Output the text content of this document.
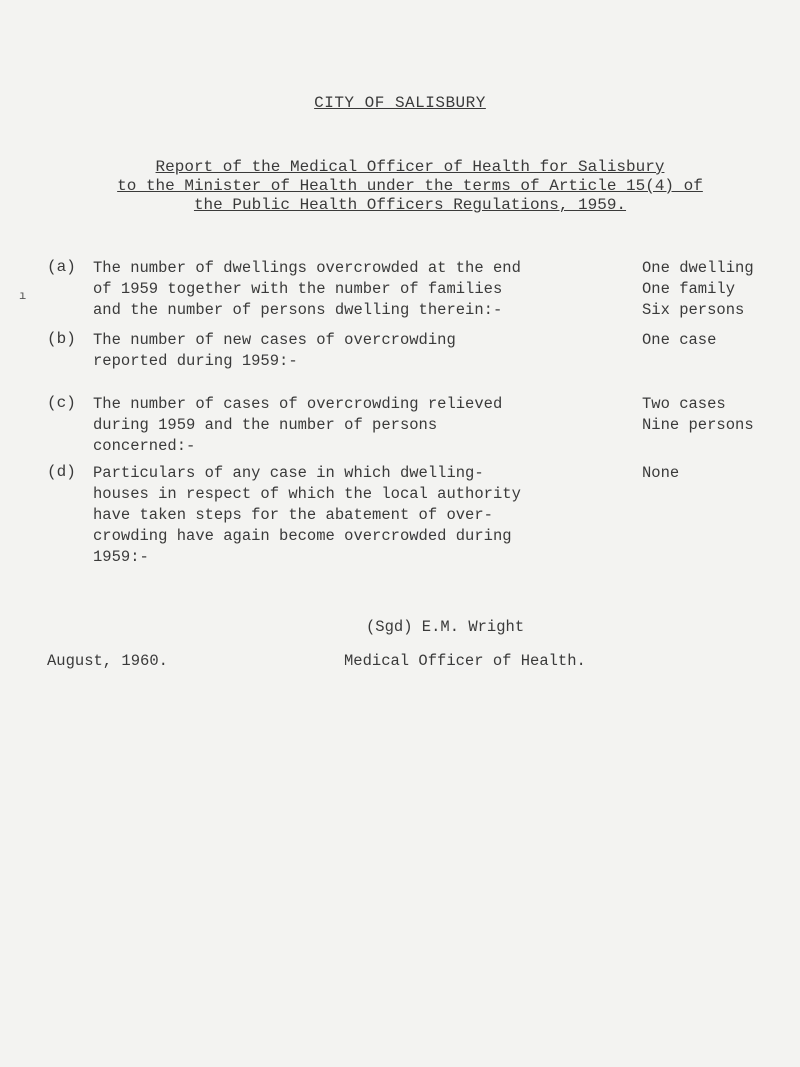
CITY OF SALISBURY
Report of the Medical Officer of Health for Salisbury
to the Minister of Health under the terms of Article 15(4) of
the Public Health Officers Regulations, 1959.
ı
(a) The number of dwellings overcrowded at the end
of 1959 together with the number of families
and the number of persons dwelling therein:-
One dwelling
One family
Six persons
(b) The number of new cases of overcrowding
reported during 1959:-
One case
(c) The number of cases of overcrowding relieved
during 1959 and the number of persons
concerned:-
Two cases
Nine persons
(d) Particulars of any case in which dwelling-
houses in respect of which the local authority
have taken steps for the abatement of over-
crowding have again become overcrowded during
1959:-
None
(Sgd) E.M. Wright
August, 1960.	Medical Officer of Health.
